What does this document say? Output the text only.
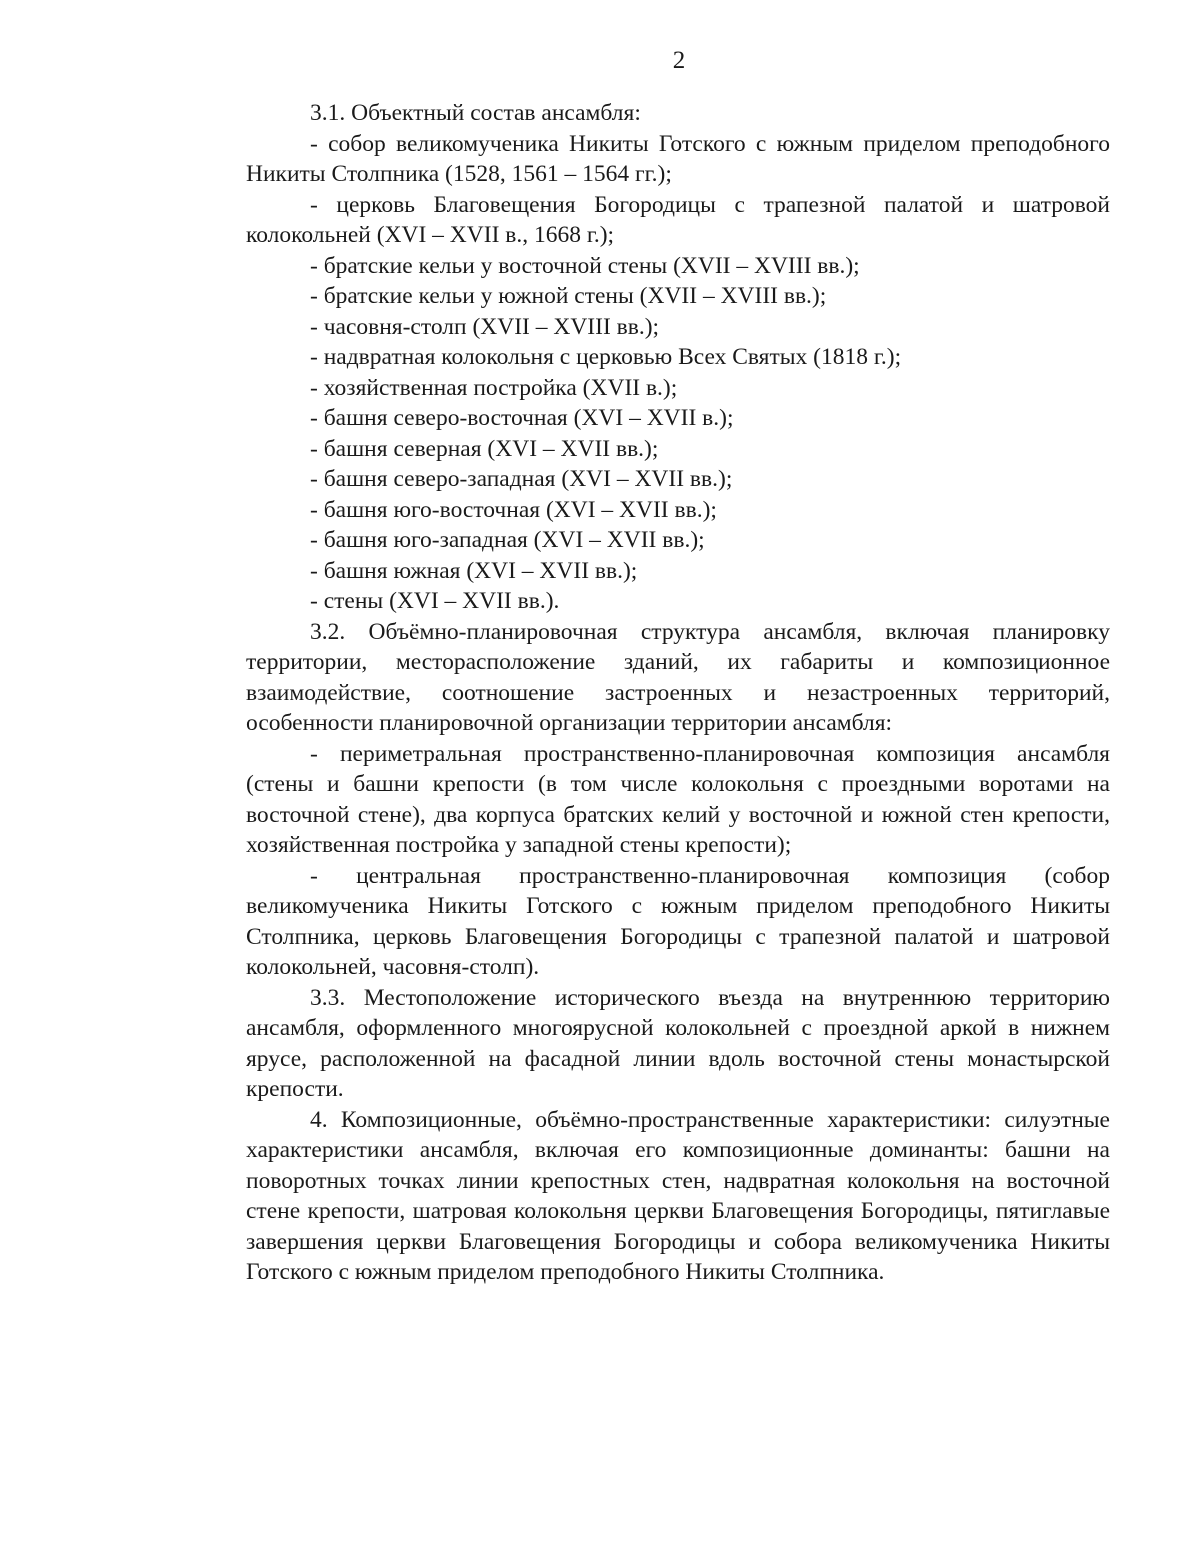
2

3.1. Объектный состав ансамбля:

- собор великомученика Никиты Готского с южным приделом преподобного Никиты Столпника (1528, 1561 – 1564 гг.);

- церковь Благовещения Богородицы с трапезной палатой и шатровой колокольней (XVI – XVII в., 1668 г.);

- братские кельи у восточной стены (XVII – XVIII вв.);

- братские кельи у южной стены (XVII – XVIII вв.);

- часовня-столп (XVII – XVIII вв.);

- надвратная колокольня с церковью Всех Святых (1818 г.);

- хозяйственная постройка (XVII в.);

- башня северо-восточная (XVI – XVII в.);

- башня северная (XVI – XVII вв.);

- башня северо-западная (XVI – XVII вв.);

- башня юго-восточная (XVI – XVII вв.);

- башня юго-западная (XVI – XVII вв.);

- башня южная (XVI – XVII вв.);

- стены (XVI – XVII вв.).

3.2. Объёмно-планировочная структура ансамбля, включая планировку территории, месторасположение зданий, их габариты и композиционное взаимодействие, соотношение застроенных и незастроенных территорий, особенности планировочной организации территории ансамбля:

- периметральная пространственно-планировочная композиция ансамбля (стены и башни крепости (в том числе колокольня с проездными воротами на восточной стене), два корпуса братских келий у восточной и южной стен крепости, хозяйственная постройка у западной стены крепости);

- центральная пространственно-планировочная композиция (собор великомученика Никиты Готского с южным приделом преподобного Никиты Столпника, церковь Благовещения Богородицы с трапезной палатой и шатровой колокольней, часовня-столп).

3.3. Местоположение исторического въезда на внутреннюю территорию ансамбля, оформленного многоярусной колокольней с проездной аркой в нижнем ярусе, расположенной на фасадной линии вдоль восточной стены монастырской крепости.

4. Композиционные, объёмно-пространственные характеристики: силуэтные характеристики ансамбля, включая его композиционные доминанты: башни на поворотных точках линии крепостных стен, надвратная колокольня на восточной стене крепости, шатровая колокольня церкви Благовещения Богородицы, пятиглавые завершения церкви Благовещения Богородицы и собора великомученика Никиты Готского с южным приделом преподобного Никиты Столпника.
